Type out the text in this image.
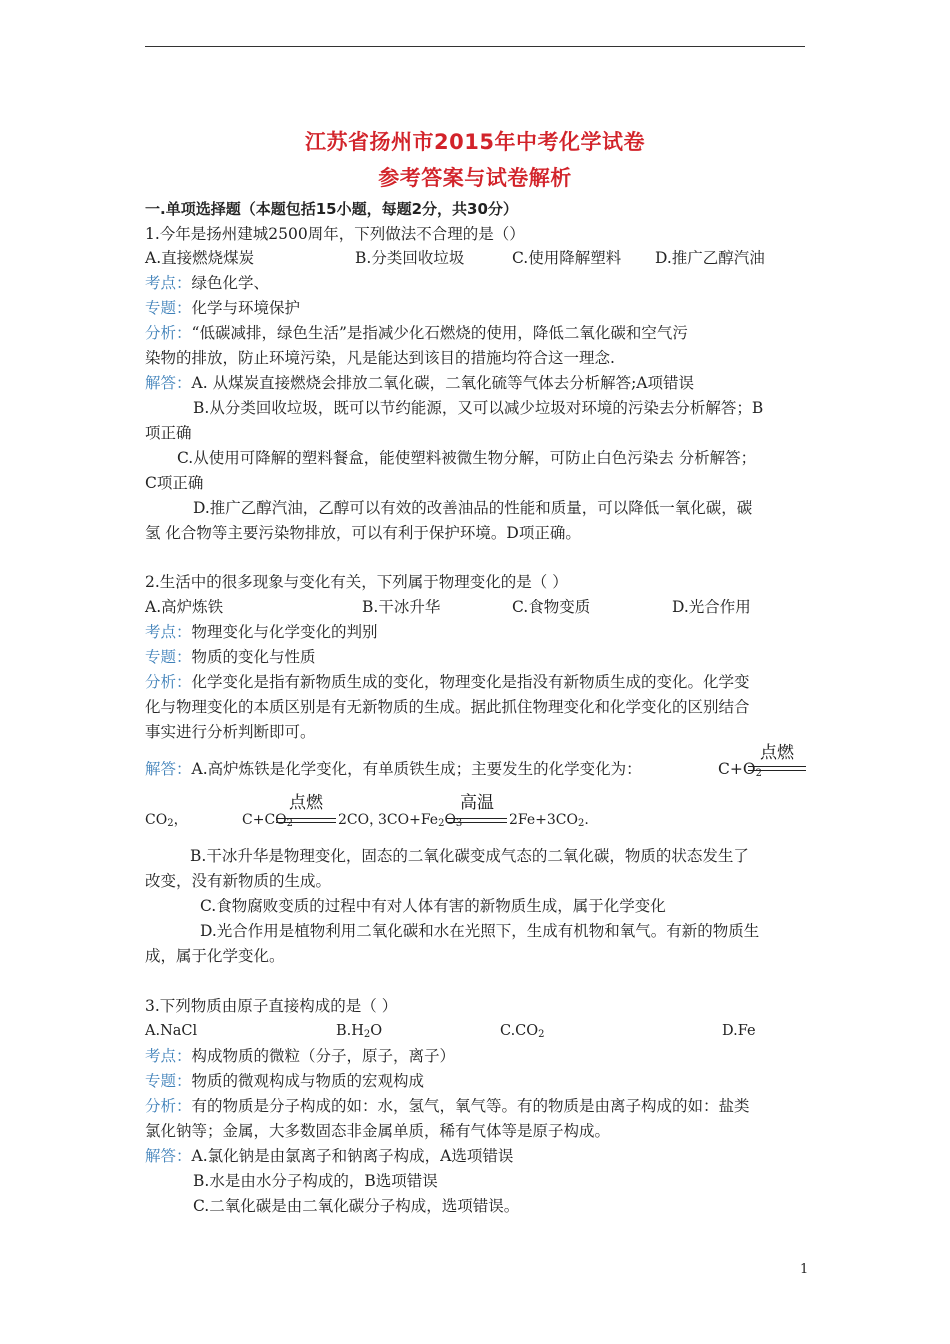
江苏省扬州市2015年中考化学试卷
参考答案与试卷解析
一.单项选择题（本题包括15小题，每题2分，共30分）
1.今年是扬州建城2500周年，下列做法不合理的是（）
A.直接燃烧煤炭	B.分类回收垃圾	C.使用降解塑料 D.推广乙醇汽油
考点：绿色化学、
专题：化学与环境保护
分析：“低碳减排，绿色生活”是指减少化石燃烧的使用，降低二氧化碳和空气污
染物的排放，防止环境污染，凡是能达到该目的措施均符合这一理念.
解答：A. 从煤炭直接燃烧会排放二氧化碳，二氧化硫等气体去分析解答;A项错误
B.从分类回收垃圾，既可以节约能源，又可以减少垃圾对环境的污染去分析解答；B
项正确
C.从使用可降解的塑料餐盒，能使塑料被微生物分解，可防止白色污染去 分析解答；
C项正确
D.推广乙醇汽油，乙醇可以有效的改善油品的性能和质量，可以降低一氧化碳，碳
氢 化合物等主要污染物排放，可以有利于保护环境。D项正确。
2.生活中的很多现象与变化有关，下列属于物理变化的是（ ）
A.高炉炼铁	B.干冰升华	C.食物变质	D.光合作用
考点：物理变化与化学变化的判别
专题：物质的变化与性质
分析：化学变化是指有新物质生成的变化，物理变化是指没有新物质生成的变化。化学变
化与物理变化的本质区别是有无新物质的生成。据此抓住物理变化和化学变化的区别结合
事实进行分析判断即可。
解答：A.高炉炼铁是化学变化，有单质铁生成；主要发生的化学变化为：	$C+O_2$
点燃
$CO_2$，	$C+CO_2$
点燃
2CO，
$3CO+Fe_2O_3$
高温
$2Fe+3CO_2$.
B.干冰升华是物理变化，固态的二氧化碳变成气态的二氧化碳，物质的状态发生了
改变，没有新物质的生成。
C.食物腐败变质的过程中有对人体有害的新物质生成，属于化学变化
D.光合作用是植物利用二氧化碳和水在光照下，生成有机物和氧气。有新的物质生
成，属于化学变化。
3.下列物质由原子直接构成的是（ ）
A.NaCl	$B.H_2O$	$C.CO_2$	D.Fe
考点：构成物质的微粒（分子，原子，离子）
专题：物质的微观构成与物质的宏观构成
分析：有的物质是分子构成的如：水，氢气，氧气等。有的物质是由离子构成的如：盐类
氯化钠等；金属，大多数固态非金属单质，稀有气体等是原子构成。
解答：A.氯化钠是由氯离子和钠离子构成，A选项错误
B.水是由水分子构成的，B选项错误
C.二氧化碳是由二氧化碳分子构成，选项错误。
1
